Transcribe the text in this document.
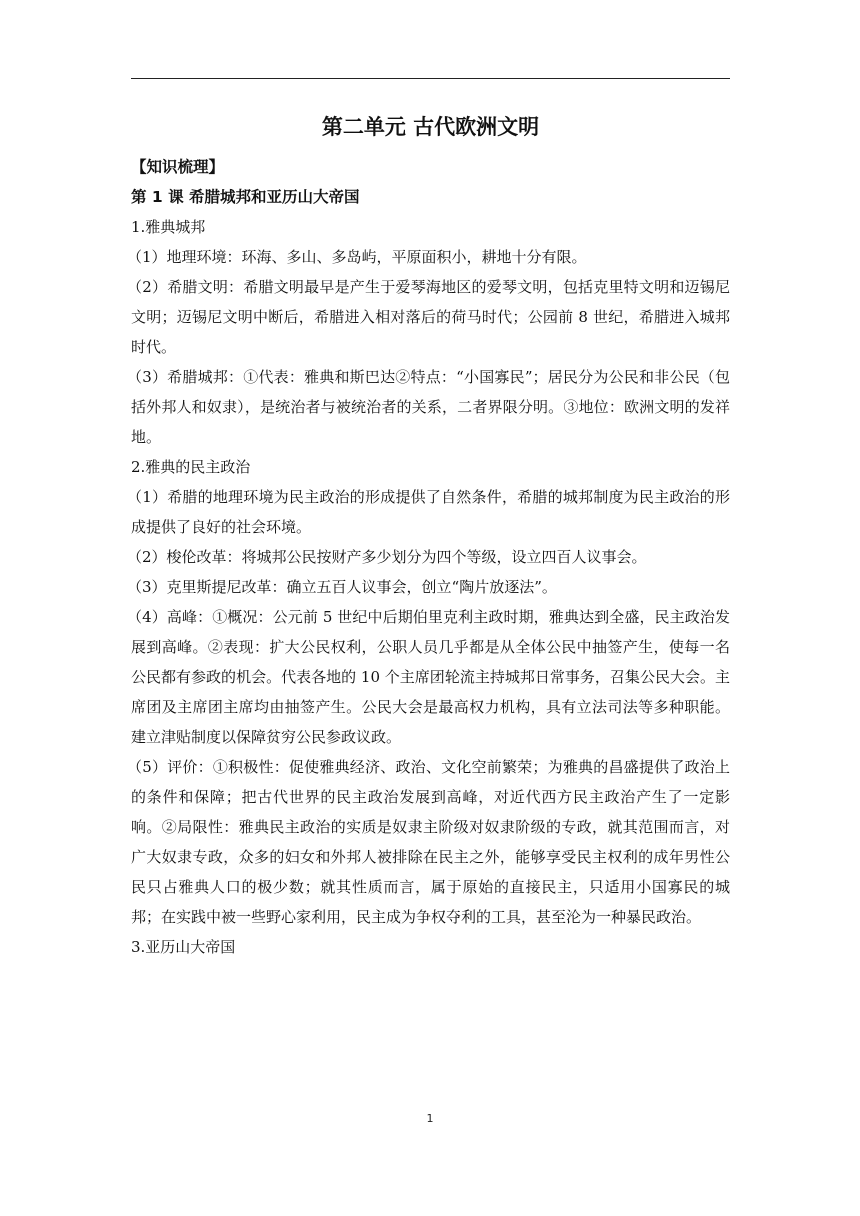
第二单元 古代欧洲文明
【知识梳理】
第 1 课 希腊城邦和亚历山大帝国

1.雅典城邦

（1）地理环境：环海、多山、多岛屿，平原面积小，耕地十分有限。

（2）希腊文明：希腊文明最早是产生于爱琴海地区的爱琴文明，包括克里特文明和迈锡尼文明；迈锡尼文明中断后，希腊进入相对落后的荷马时代；公园前 8 世纪，希腊进入城邦时代。

（3）希腊城邦：①代表：雅典和斯巴达②特点：“小国寡民”；居民分为公民和非公民（包括外邦人和奴隶），是统治者与被统治者的关系，二者界限分明。③地位：欧洲文明的发祥地。

2.雅典的民主政治

（1）希腊的地理环境为民主政治的形成提供了自然条件，希腊的城邦制度为民主政治的形成提供了良好的社会环境。

（2）梭伦改革：将城邦公民按财产多少划分为四个等级，设立四百人议事会。

（3）克里斯提尼改革：确立五百人议事会，创立“陶片放逐法”。

（4）高峰：①概况：公元前 5 世纪中后期伯里克利主政时期，雅典达到全盛，民主政治发展到高峰。②表现：扩大公民权利，公职人员几乎都是从全体公民中抽签产生，使每一名公民都有参政的机会。代表各地的 10 个主席团轮流主持城邦日常事务，召集公民大会。主席团及主席团主席均由抽签产生。公民大会是最高权力机构，具有立法司法等多种职能。建立津贴制度以保障贫穷公民参政议政。

（5）评价：①积极性：促使雅典经济、政治、文化空前繁荣；为雅典的昌盛提供了政治上的条件和保障；把古代世界的民主政治发展到高峰，对近代西方民主政治产生了一定影响。②局限性：雅典民主政治的实质是奴隶主阶级对奴隶阶级的专政，就其范围而言，对广大奴隶专政，众多的妇女和外邦人被排除在民主之外，能够享受民主权利的成年男性公民只占雅典人口的极少数；就其性质而言，属于原始的直接民主，只适用小国寡民的城邦；在实践中被一些野心家利用，民主成为争权夺利的工具，甚至沦为一种暴民政治。

3.亚历山大帝国

1
